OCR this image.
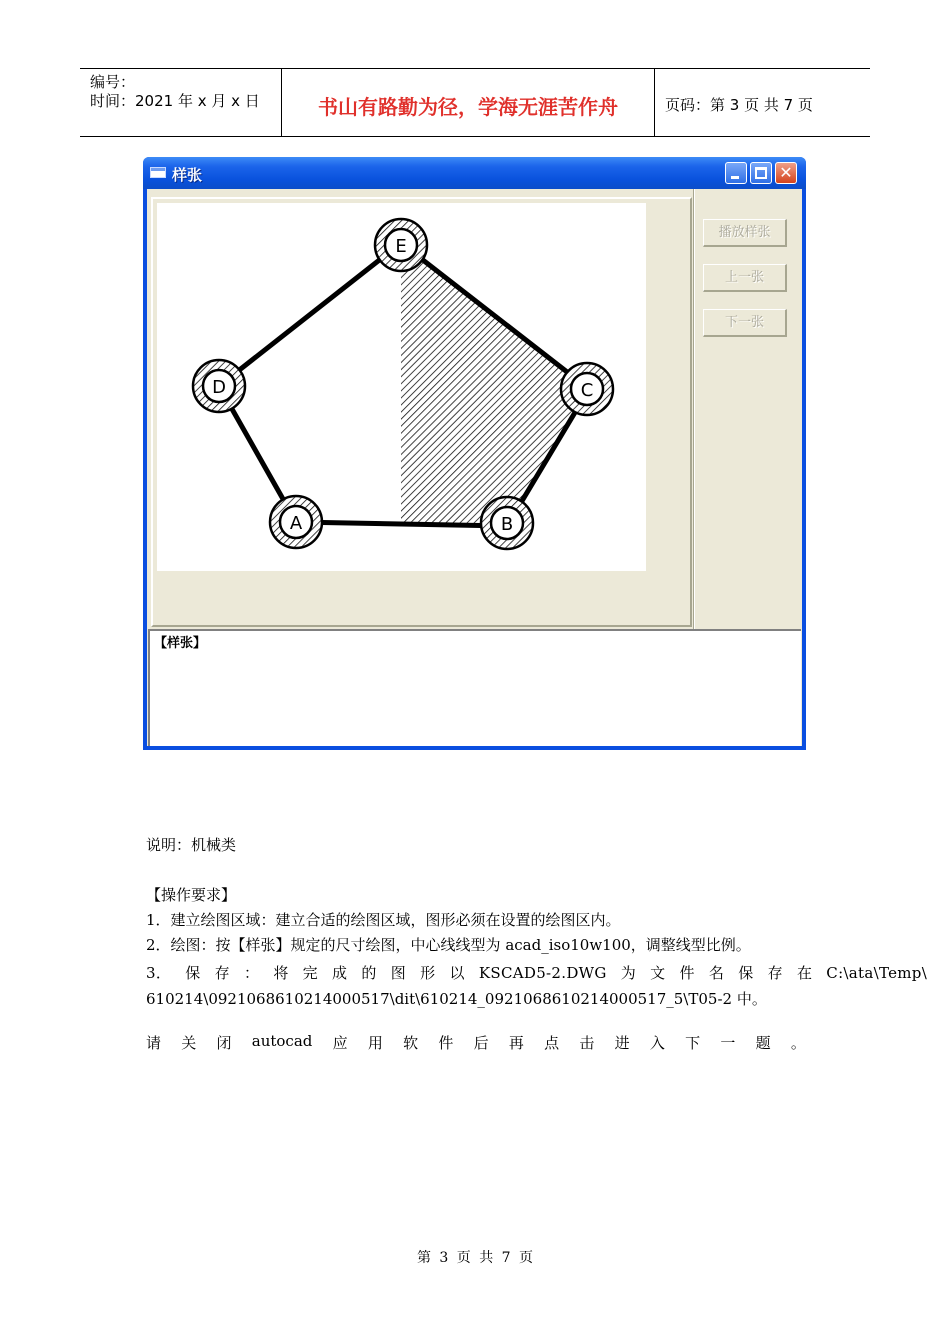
编号：
时间：2021 年 x 月 x 日	书山有路勤为径，学海无涯苦作舟	页码：第 3 页 共 7 页
样张	✕
E
D	C
A	B
播放样张
上一张
下一张
【样张】
说明：机械类
【操作要求】
1．建立绘图区域：建立合适的绘图区域，图形必须在设置的绘图区内。
2．绘图：按【样张】规定的尺寸绘图，中心线线型为 acad_iso10w100，调整线型比例。
3． 保 存 ： 将 完 成 的 图 形 以 KSCAD5-2.DWG 为 文 件 名 保 存 在 C:\ata\Temp\
610214\0921068610214000517\dit\610214_0921068610214000517_5\T05-2 中。
请 关 闭 autocad 应 用 软 件 后 再 点 击 进 入 下 一 题 。
第 3 页 共 7 页
